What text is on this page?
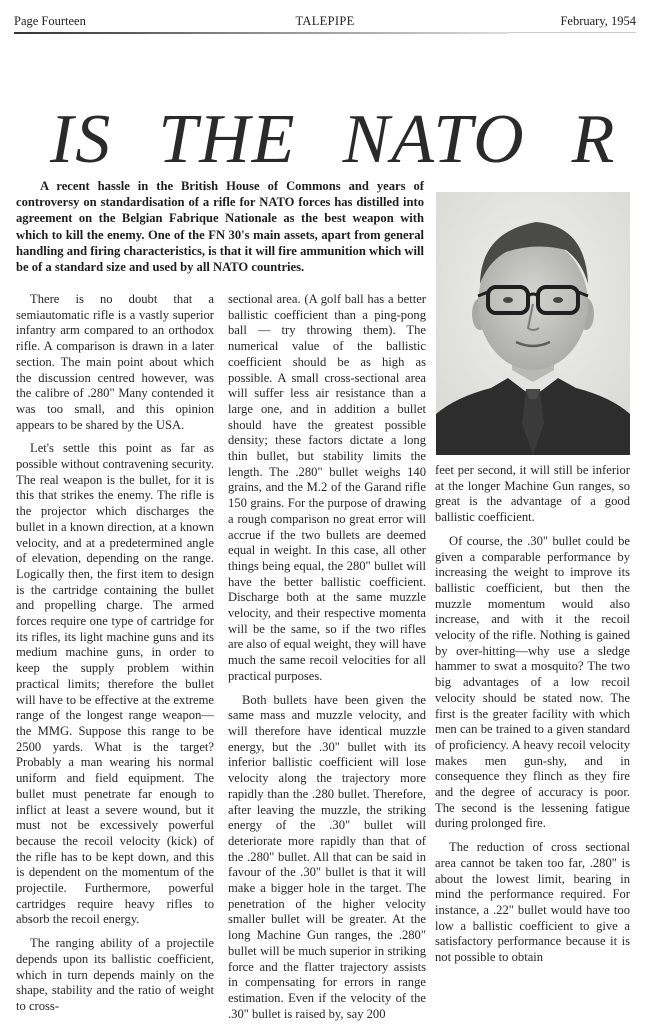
Page Fourteen	TALEPIPE	February, 1954
IS THE NATO R

A recent hassle in the British House of Commons and years of controversy on standardisation of a rifle for NATO forces has distilled into agreement on the Belgian Fabrique Nationale as the best weapon with which to kill the enemy. One of the FN 30's main assets, apart from general handling and firing characteristics, is that it will fire ammunition which will be of a standard size and used by all NATO countries.

There is no doubt that a semiautomatic rifle is a vastly superior infantry arm compared to an orthodox rifle. A comparison is drawn in a later section. The main point about which the discussion centred however, was the calibre of .280" Many contended it was too small, and this opinion appears to be shared by the USA.

Let's settle this point as far as possible without contravening security. The real weapon is the bullet, for it is this that strikes the enemy. The rifle is the projector which discharges the bullet in a known direction, at a known velocity, and at a predetermined angle of elevation, depending on the range. Logically then, the first item to design is the cartridge containing the bullet and propelling charge. The armed forces require one type of cartridge for its rifles, its light machine guns and its medium machine guns, in order to keep the supply problem within practical limits; therefore the bullet will have to be effective at the extreme range of the longest range weapon—the MMG. Suppose this range to be 2500 yards. What is the target? Probably a man wearing his normal uniform and field equipment. The bullet must penetrate far enough to inflict at least a severe wound, but it must not be excessively powerful because the recoil velocity (kick) of the rifle has to be kept down, and this is dependent on the momentum of the projectile. Furthermore, powerful cartridges require heavy rifles to absorb the recoil energy.

The ranging ability of a projectile depends upon its ballistic coefficient, which in turn depends mainly on the shape, stability and the ratio of weight to cross-

sectional area. (A golf ball has a better ballistic coefficient than a ping-pong ball — try throwing them). The numerical value of the ballistic coefficient should be as high as possible. A small cross-sectional area will suffer less air resistance than a large one, and in addition a bullet should have the greatest possible density; these factors dictate a long thin bullet, but stability limits the length. The .280" bullet weighs 140 grains, and the M.2 of the Garand rifle 150 grains. For the purpose of drawing a rough comparison no great error will accrue if the two bullets are deemed equal in weight. In this case, all other things being equal, the 280" bullet will have the better ballistic coefficient. Discharge both at the same muzzle velocity, and their respective momenta will be the same, so if the two rifles are also of equal weight, they will have much the same recoil velocities for all practical purposes.

Both bullets have been given the same mass and muzzle velocity, and will therefore have identical muzzle energy, but the .30" bullet with its inferior ballistic coefficient will lose velocity along the trajectory more rapidly than the .280 bullet. Therefore, after leaving the muzzle, the striking energy of the .30" bullet will deteriorate more rapidly than that of the .280" bullet. All that can be said in favour of the .30" bullet is that it will make a bigger hole in the target. The penetration of the higher velocity smaller bullet will be greater. At the long Machine Gun ranges, the .280" bullet will be much superior in striking force and the flatter trajectory assists in compensating for errors in range estimation. Even if the velocity of the .30" bullet is raised by, say 200

feet per second, it will still be inferior at the longer Machine Gun ranges, so great is the advantage of a good ballistic coefficient.

Of course, the .30" bullet could be given a comparable performance by increasing the weight to improve its ballistic coefficient, but then the muzzle momentum would also increase, and with it the recoil velocity of the rifle. Nothing is gained by over-hitting—why use a sledge hammer to swat a mosquito? The two big advantages of a low recoil velocity should be stated now. The first is the greater facility with which men can be trained to a given standard of proficiency. A heavy recoil velocity makes men gun-shy, and in consequence they flinch as they fire and the degree of accuracy is poor. The second is the lessening fatigue during prolonged fire.

The reduction of cross sectional area cannot be taken too far, .280" is about the lowest limit, bearing in mind the performance required. For instance, a .22" bullet would have too low a ballistic coefficient to give a satisfactory performance because it is not possible to obtain
